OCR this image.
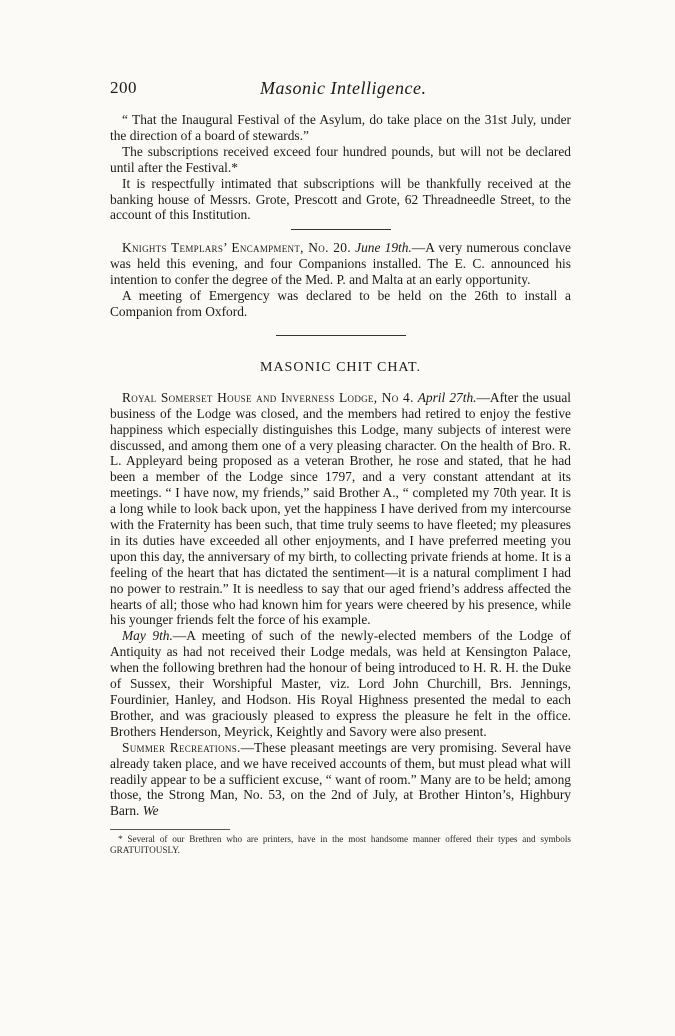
200	Masonic Intelligence.

“ That the Inaugural Festival of the Asylum, do take place on the 31st July, under the direction of a board of stewards.”

The subscriptions received exceed four hundred pounds, but will not be declared until after the Festival.*

It is respectfully intimated that subscriptions will be thankfully received at the banking house of Messrs. Grote, Prescott and Grote, 62 Threadneedle Street, to the account of this Institution.

Knights Templars’ Encampment, No. 20. June 19th.—A very numerous conclave was held this evening, and four Companions installed. The E. C. announced his intention to confer the degree of the Med. P. and Malta at an early opportunity.

A meeting of Emergency was declared to be held on the 26th to install a Companion from Oxford.

MASONIC CHIT CHAT.

Royal Somerset House and Inverness Lodge, No 4. April 27th.—After the usual business of the Lodge was closed, and the members had retired to enjoy the festive happiness which especially distinguishes this Lodge, many subjects of interest were discussed, and among them one of a very pleasing character. On the health of Bro. R. L. Appleyard being proposed as a veteran Brother, he rose and stated, that he had been a member of the Lodge since 1797, and a very constant attendant at its meetings. “ I have now, my friends,” said Brother A., “ completed my 70th year. It is a long while to look back upon, yet the happiness I have derived from my intercourse with the Fraternity has been such, that time truly seems to have fleeted; my pleasures in its duties have exceeded all other enjoyments, and I have preferred meeting you upon this day, the anniversary of my birth, to collecting private friends at home. It is a feeling of the heart that has dictated the sentiment—it is a natural compliment I had no power to restrain.” It is needless to say that our aged friend’s address affected the hearts of all; those who had known him for years were cheered by his presence, while his younger friends felt the force of his example.

May 9th.—A meeting of such of the newly-elected members of the Lodge of Antiquity as had not received their Lodge medals, was held at Kensington Palace, when the following brethren had the honour of being introduced to H. R. H. the Duke of Sussex, their Worshipful Master, viz. Lord John Churchill, Brs. Jennings, Fourdinier, Hanley, and Hodson. His Royal Highness presented the medal to each Brother, and was graciously pleased to express the pleasure he felt in the office. Brothers Henderson, Meyrick, Keightly and Savory were also present.

Summer Recreations.—These pleasant meetings are very promising. Several have already taken place, and we have received accounts of them, but must plead what will readily appear to be a sufficient excuse, “ want of room.” Many are to be held; among those, the Strong Man, No. 53, on the 2nd of July, at Brother Hinton’s, Highbury Barn. We

* Several of our Brethren who are printers, have in the most handsome manner offered their types and symbols GRATUITOUSLY.
